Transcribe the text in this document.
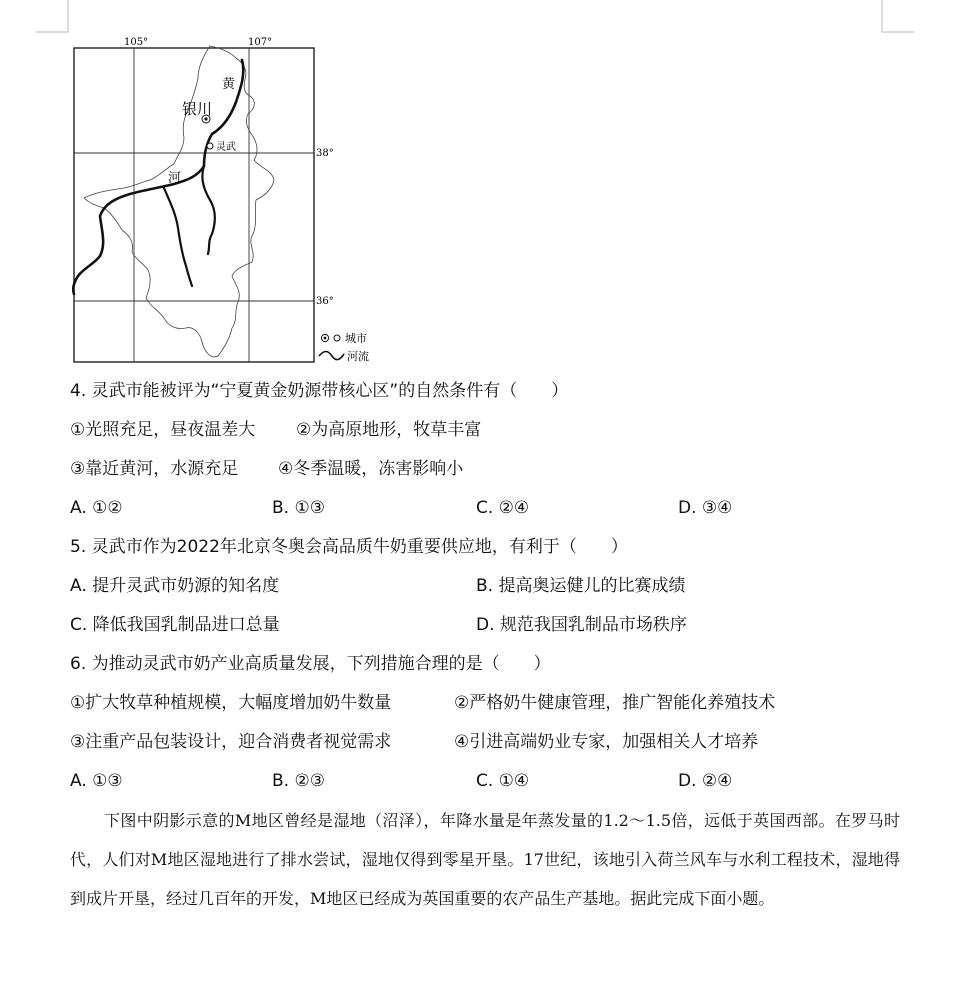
105°	107°
38°
36°
银川
灵武
黄
河
城市
河流
4. 灵武市能被评为“宁夏黄金奶源带核心区”的自然条件有（　　）
①光照充足，昼夜温差大 ②为高原地形，牧草丰富
③靠近黄河，水源充足 ④冬季温暖，冻害影响小
A. ①②	B. ①③	C. ②④	D. ③④
5. 灵武市作为2022年北京冬奥会高品质牛奶重要供应地，有利于（　　）
A. 提升灵武市奶源的知名度	B. 提高奥运健儿的比赛成绩
C. 降低我国乳制品进口总量	D. 规范我国乳制品市场秩序
6. 为推动灵武市奶产业高质量发展，下列措施合理的是（　　）
①扩大牧草种植规模，大幅度增加奶牛数量	②严格奶牛健康管理，推广智能化养殖技术
③注重产品包装设计，迎合消费者视觉需求	④引进高端奶业专家，加强相关人才培养
A. ①③	B. ②③	C. ①④	D. ②④

下图中阴影示意的M地区曾经是湿地（沼泽），年降水量是年蒸发量的1.2～1.5倍，远低于英国西部。在罗马时代，人们对M地区湿地进行了排水尝试，湿地仅得到零星开垦。17世纪，该地引入荷兰风车与水利工程技术，湿地得到成片开垦，经过几百年的开发，M地区已经成为英国重要的农产品生产基地。据此完成下面小题。
